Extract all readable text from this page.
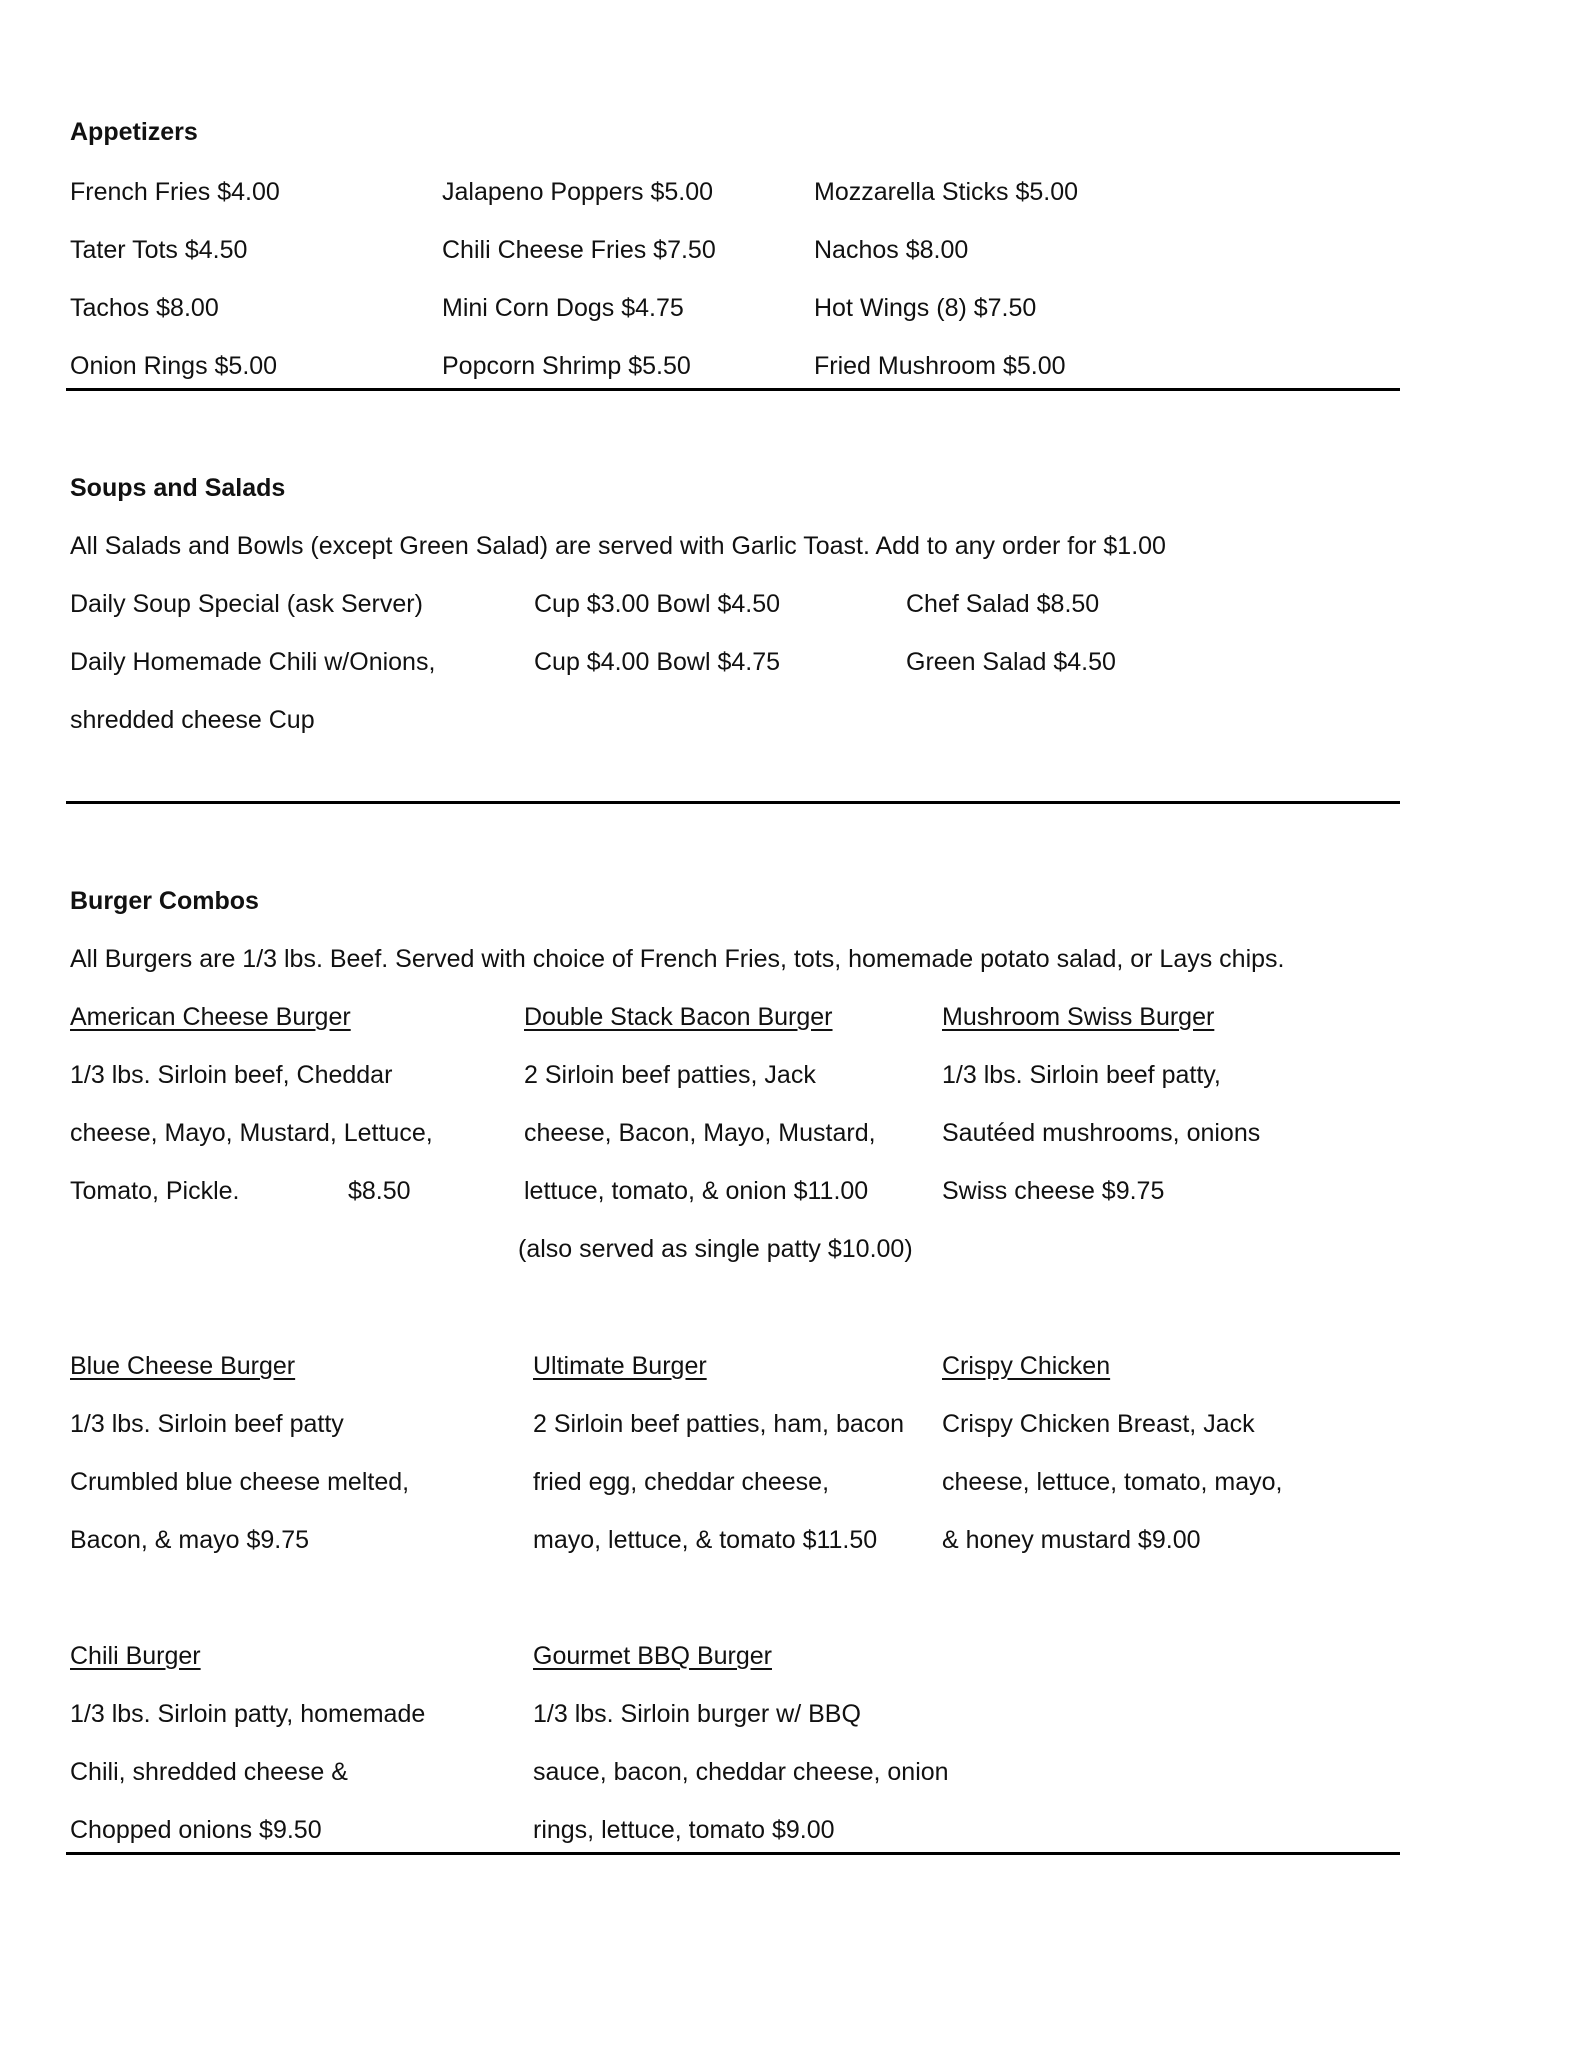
Appetizers
French Fries $4.00	Jalapeno Poppers $5.00	Mozzarella Sticks $5.00
Tater Tots $4.50	Chili Cheese Fries $7.50	Nachos $8.00
Tachos $8.00	Mini Corn Dogs $4.75	Hot Wings (8) $7.50
Onion Rings $5.00	Popcorn Shrimp $5.50	Fried Mushroom $5.00
Soups and Salads
All Salads and Bowls (except Green Salad) are served with Garlic Toast. Add to any order for $1.00
Daily Soup Special (ask Server)	Cup $3.00 Bowl $4.50	Chef Salad $8.50
Daily Homemade Chili w/Onions,	Cup $4.00 Bowl $4.75	Green Salad $4.50
shredded cheese Cup
Burger Combos
All Burgers are 1/3 lbs. Beef. Served with choice of French Fries, tots, homemade potato salad, or Lays chips.
American Cheese Burger
1/3 lbs. Sirloin beef, Cheddar
cheese, Mayo, Mustard, Lettuce,
Tomato, Pickle.	$8.50
Double Stack Bacon Burger
2 Sirloin beef patties, Jack
cheese, Bacon, Mayo, Mustard,
lettuce, tomato, & onion $11.00
(also served as single patty $10.00)
Mushroom Swiss Burger
1/3 lbs. Sirloin beef patty,
Sautéed mushrooms, onions
Swiss cheese $9.75
Blue Cheese Burger
1/3 lbs. Sirloin beef patty
Crumbled blue cheese melted,
Bacon, & mayo $9.75
Ultimate Burger
2 Sirloin beef patties, ham, bacon
fried egg, cheddar cheese,
mayo, lettuce, & tomato $11.50
Crispy Chicken
Crispy Chicken Breast, Jack
cheese, lettuce, tomato, mayo,
& honey mustard $9.00
Chili Burger
1/3 lbs. Sirloin patty, homemade
Chili, shredded cheese &
Chopped onions $9.50
Gourmet BBQ Burger
1/3 lbs. Sirloin burger w/ BBQ
sauce, bacon, cheddar cheese, onion
rings, lettuce, tomato $9.00
